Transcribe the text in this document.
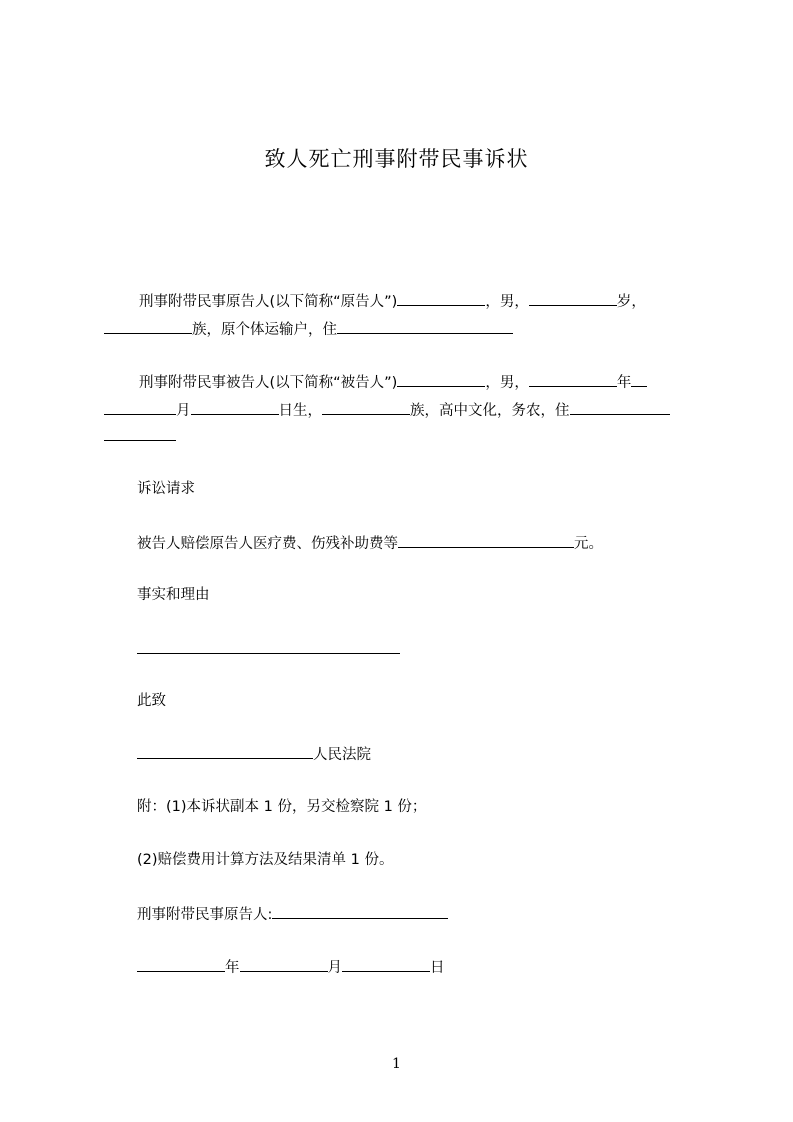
致人死亡刑事附带民事诉状
刑事附带民事原告人(以下简称“原告人”)	，男，	岁，
族，原个体运输户，住
刑事附带民事被告人(以下简称“被告人”)	，男，	年
月	日生，	族，高中文化，务农，住
诉讼请求
被告人赔偿原告人医疗费、伤残补助费等	元。
事实和理由
此致
人民法院
附：(1)本诉状副本 1 份，另交检察院 1 份；
(2)赔偿费用计算方法及结果清单 1 份。
刑事附带民事原告人:
年	月	日
1
